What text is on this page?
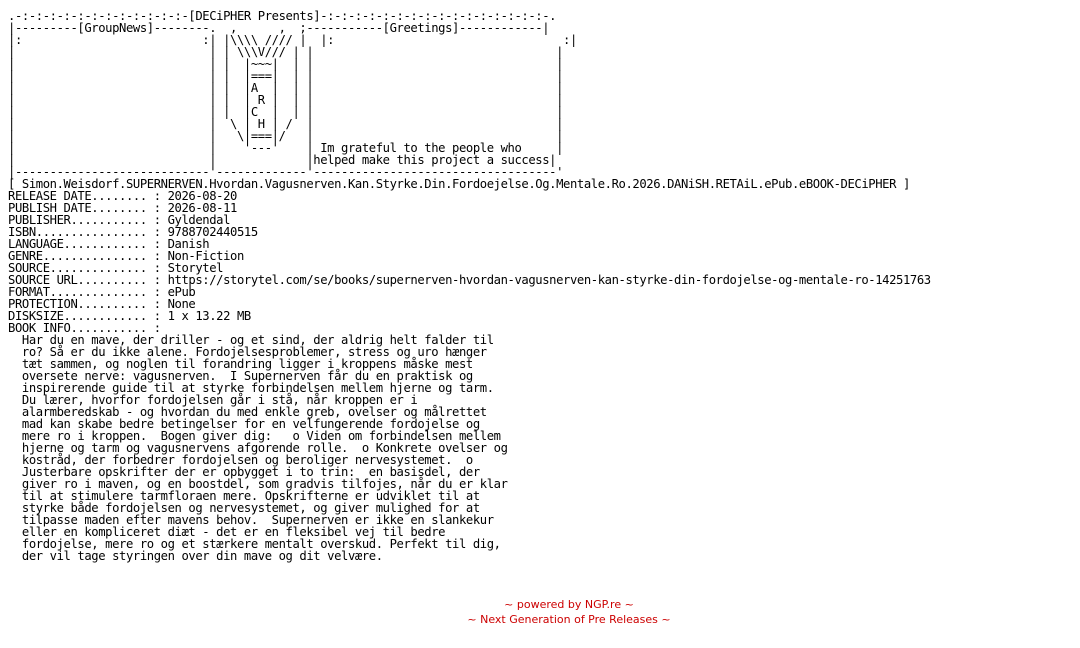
.-:-:-:-:-:-:-:-:-:-:-:-:-[DECiPHER Presents]-:-:-:-:-:-:-:-:-:-:-:-:-:-:-:-:-.
|---------[GroupNews]--------.  ,      ,  ;-----------[Greetings]------------|
|:                          :| |\\\\ //// |  |:                                 :|
|                            | | \\\V/// | |                                   |
|                            | |  |~~~|  | |                                   |
|                            | |  |===|  | |                                   |
|                            | |  |A  |  | |                                   |
|                            | |  | R |  | |                                   |
|                            | |  |C  |  | |                                   |
|                            |  \ | H | /  |                                   |
|                            |   \|===|/   |                                   |
|                            |    '---'    | Im grateful to the people who     |
|                            |             |helped make this project a success|
|----------------------------'-------------'-----------------------------------'
[ Simon.Weisdorf.SUPERNERVEN.Hvordan.Vagusnerven.Kan.Styrke.Din.Fordoejelse.Og.Mentale.Ro.2026.DANiSH.RETAiL.ePub.eBOOK-DECiPHER ]
RELEASE DATE........ : 2026-08-20
PUBLISH DATE........ : 2026-08-11
PUBLISHER........... : Gyldendal
ISBN................ : 9788702440515
LANGUAGE............ : Danish
GENRE............... : Non-Fiction
SOURCE.............. : Storytel
SOURCE URL.......... : https://storytel.com/se/books/supernerven-hvordan-vagusnerven-kan-styrke-din-fordojelse-og-mentale-ro-14251763
FORMAT.............. : ePub
PROTECTION.......... : None
DISKSIZE............ : 1 x 13.22 MB
BOOK INFO........... :
Har du en mave, der driller - og et sind, der aldrig helt falder til
ro? Så er du ikke alene. Fordojelsesproblemer, stress og uro hænger
tæt sammen, og noglen til forandring ligger i kroppens måske mest
oversete nerve: vagusnerven.  I Supernerven får du en praktisk og
inspirerende guide til at styrke forbindelsen mellem hjerne og tarm.
Du lærer, hvorfor fordojelsen går i stå, når kroppen er i
alarmberedskab - og hvordan du med enkle greb, ovelser og målrettet
mad kan skabe bedre betingelser for en velfungerende fordojelse og
mere ro i kroppen.  Bogen giver dig:   o Viden om forbindelsen mellem
hjerne og tarm og vagusnervens afgorende rolle.  o Konkrete ovelser og
kostråd, der forbedrer fordojelsen og beroliger nervesystemet.  o
Justerbare opskrifter der er opbygget i to trin:  en basisdel, der
giver ro i maven, og en boostdel, som gradvis tilfojes, når du er klar
til at stimulere tarmfloraen mere. Opskrifterne er udviklet til at
styrke både fordojelsen og nervesystemet, og giver mulighed for at
tilpasse maden efter mavens behov.  Supernerven er ikke en slankekur
eller en kompliceret diæt - det er en fleksibel vej til bedre
fordojelse, mere ro og et stærkere mentalt overskud. Perfekt til dig,
der vil tage styringen over din mave og dit velvære.
~ powered by NGP.re ~
~ Next Generation of Pre Releases ~
